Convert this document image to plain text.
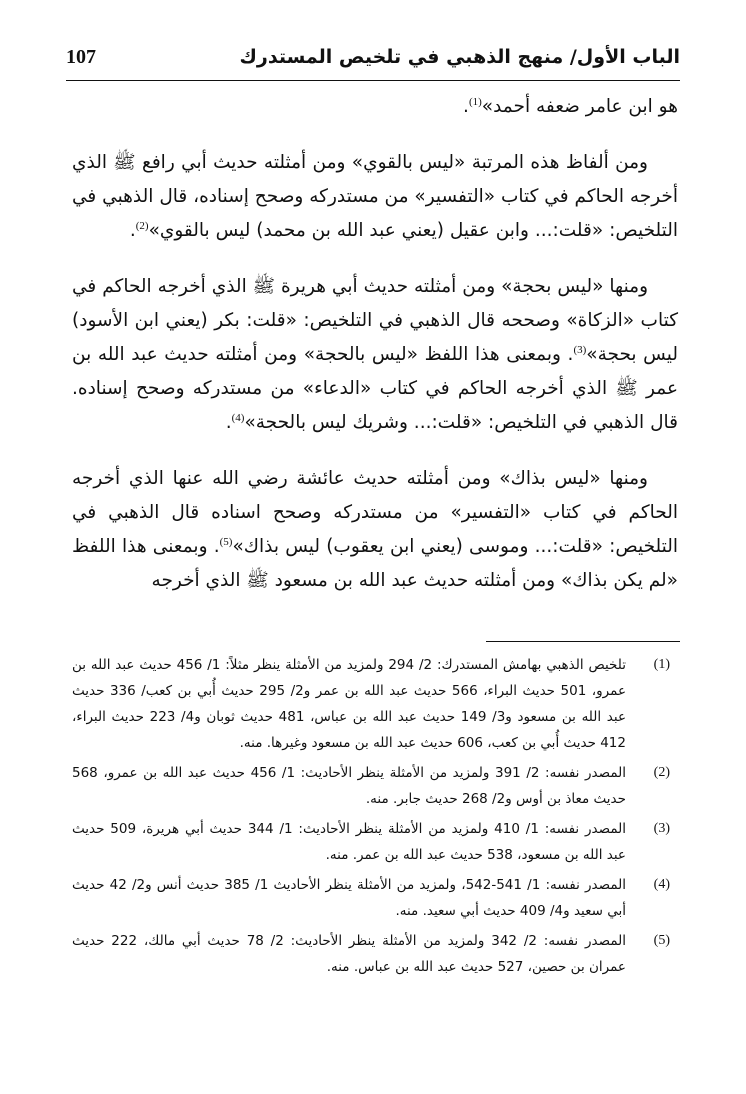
الباب الأول/ منهج الذهبي في تلخيص المستدرك
107

هو ابن عامر ضعفه أحمد»$^{(1)}$.

ومن ألفاظ هذه المرتبة «ليس بالقوي» ومن أمثلته حديث أبي رافع ﷺ الذي أخرجه الحاكم في كتاب «التفسير» من مستدركه وصحح إسناده، قال الذهبي في التلخيص: «قلت:... وابن عقيل (يعني عبد الله بن محمد) ليس بالقوي»$^{(2)}$.

ومنها «ليس بحجة» ومن أمثلته حديث أبي هريرة ﷺ الذي أخرجه الحاكم في كتاب «الزكاة» وصححه قال الذهبي في التلخيص: «قلت: بكر (يعني ابن الأسود) ليس بحجة»$^{(3)}$. وبمعنى هذا اللفظ «ليس بالحجة» ومن أمثلته حديث عبد الله بن عمر ﷺ الذي أخرجه الحاكم في كتاب «الدعاء» من مستدركه وصحح إسناده. قال الذهبي في التلخيص: «قلت:... وشريك ليس بالحجة»$^{(4)}$.

ومنها «ليس بذاك» ومن أمثلته حديث عائشة رضي الله عنها الذي أخرجه الحاكم في كتاب «التفسير» من مستدركه وصحح اسناده قال الذهبي في التلخيص: «قلت:... وموسى (يعني ابن يعقوب) ليس بذاك»$^{(5)}$. وبمعنى هذا اللفظ «لم يكن بذاك» ومن أمثلته حديث عبد الله بن مسعود ﷺ الذي أخرجه

(1)
تلخيص الذهبي بهامش المستدرك: 2/ 294 ولمزيد من الأمثلة ينظر مثلاً: 1/ 456 حديث عبد الله بن عمرو، 501 حديث البراء، 566 حديث عبد الله بن عمر و2/ 295 حديث أُبي بن كعب/ 336 حديث عبد الله بن مسعود و3/ 149 حديث عبد الله بن عباس، 481 حديث ثوبان و4/ 223 حديث البراء، 412 حديث أُبي بن كعب، 606 حديث عبد الله بن مسعود وغيرها. منه.
(2)
المصدر نفسه: 2/ 391 ولمزيد من الأمثلة ينظر الأحاديث: 1/ 456 حديث عبد الله بن عمرو، 568 حديث معاذ بن أوس و2/ 268 حديث جابر. منه.
(3)
المصدر نفسه: 1/ 410 ولمزيد من الأمثلة ينظر الأحاديث: 1/ 344 حديث أبي هريرة، 509 حديث عبد الله بن مسعود، 538 حديث عبد الله بن عمر. منه.
(4)
المصدر نفسه: 1/ 541-542، ولمزيد من الأمثلة ينظر الأحاديث 1/ 385 حديث أنس و2/ 42 حديث أبي سعيد و4/ 409 حديث أبي سعيد. منه.
(5)
المصدر نفسه: 2/ 342 ولمزيد من الأمثلة ينظر الأحاديث: 2/ 78 حديث أبي مالك، 222 حديث عمران بن حصين، 527 حديث عبد الله بن عباس. منه.
